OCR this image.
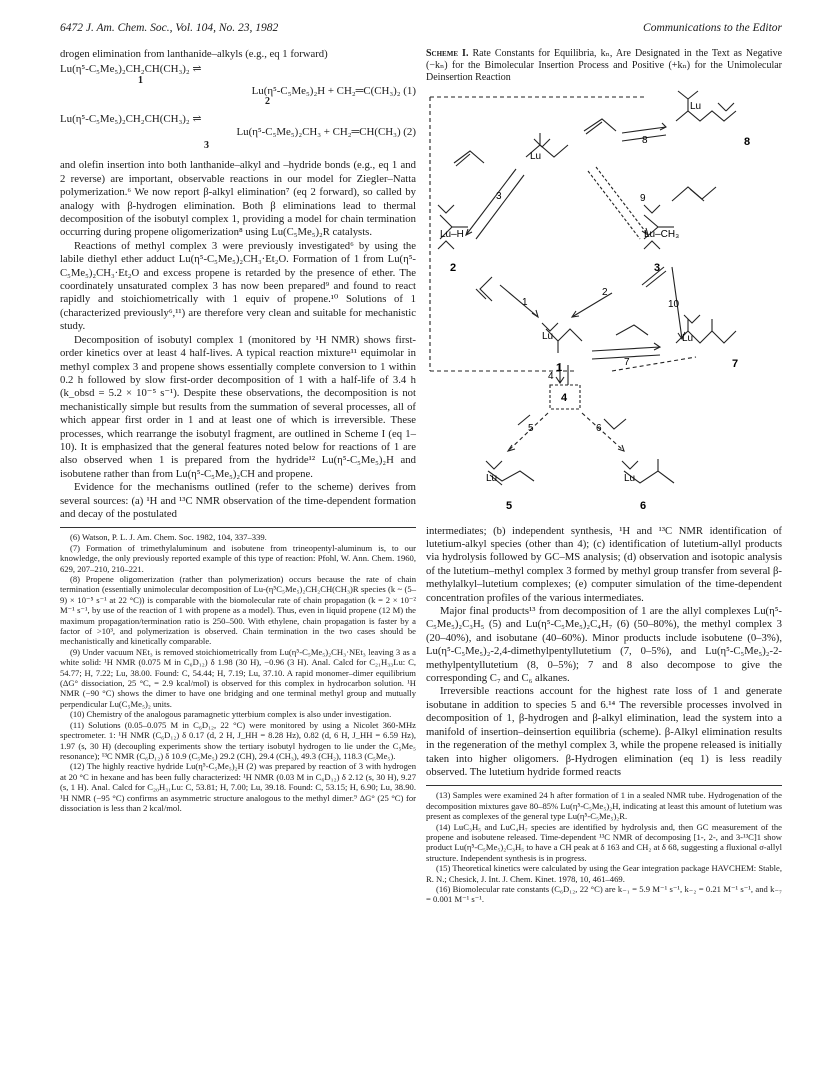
6472 J. Am. Chem. Soc., Vol. 104, No. 23, 1982	Communications to the Editor

drogen elimination from lanthanide–alkyls (e.g., eq 1 forward)

Lu(η⁵-C₅Me₅)₂CH₂CH(CH₃)₂ ⇌
1
Lu(η⁵-C₅Me₅)₂H + CH₂═C(CH₃)₂ (1)
2
Lu(η⁵-C₅Me₅)₂CH₂CH(CH₃)₂ ⇌
Lu(η⁵-C₅Me₅)₂CH₃ + CH₂═CH(CH₃) (2)
3

and olefin insertion into both lanthanide–alkyl and –hydride bonds (e.g., eq 1 and 2 reverse) are important, observable reactions in our model for Ziegler–Natta polymerization.⁶ We now report β-alkyl elimination⁷ (eq 2 forward), so called by analogy with β-hydrogen elimination. Both β eliminations lead to thermal decomposition of the isobutyl complex 1, providing a model for chain termination occurring during propene oligomerization⁸ using Lu(C₅Me₅)₂R catalysts.

Reactions of methyl complex 3 were previously investigated⁶ by using the labile diethyl ether adduct Lu(η⁵-C₅Me₅)₂CH₃·Et₂O. Formation of 1 from Lu(η⁵-C₅Me₅)₂CH₃·Et₂O and excess propene is retarded by the presence of ether. The coordinately unsaturated complex 3 has now been prepared⁹ and found to react rapidly and stoichiometrically with 1 equiv of propene.¹⁰ Solutions of 1 (characterized previously⁶,¹¹) are therefore very clean and suitable for mechanistic study.

Decomposition of isobutyl complex 1 (monitored by ¹H NMR) shows first-order kinetics over at least 4 half-lives. A typical reaction mixture¹¹ equimolar in methyl complex 3 and propene shows essentially complete conversion to 1 within 0.2 h followed by slow first-order decomposition of 1 with a half-life of 3.4 h (k_obsd = 5.2 × 10⁻⁵ s⁻¹). Despite these observations, the decomposition is not mechanistically simple but results from the summation of several processes, all of which appear first order in 1 and at least one of which is irreversible. These processes, which rearrange the isobutyl fragment, are outlined in Scheme I (eq 1–10). It is emphasized that the general features noted below for reactions of 1 are also observed when 1 is prepared from the hydride¹² Lu(η⁵-C₅Me₅)₂H and isobutene rather than from Lu(η⁵-C₅Me₅)₂CH and propene.

Evidence for the mechanisms outlined (refer to the scheme) derives from several sources: (a) ¹H and ¹³C NMR observation of the time-dependent formation and decay of the postulated

(6) Watson, P. L. J. Am. Chem. Soc. 1982, 104, 337–339.

(7) Formation of trimethylaluminum and isobutene from trineopentyl-aluminum is, to our knowledge, the only previously reported example of this type of reaction: Pfohl, W. Ann. Chem. 1960, 629, 207–210, 210–221.

(8) Propene oligomerization (rather than polymerization) occurs because the rate of chain termination (essentially unimolecular decomposition of Lu-(η⁵C₅Me₅)₂CH₂CH(CH₃)R species (k ~ (5–9) × 10⁻⁵ s⁻¹ at 22 °C)) is comparable with the biomolecular rate of chain propagation (k = 2 × 10⁻² M⁻¹ s⁻¹, by use of the reaction of 1 with propene as a model). Thus, even in liquid propene (12 M) the maximum propagation/termination ratio is 250–500. With ethylene, chain propagation is faster by a factor of >10³, and polymerization is observed. Chain termination in the two cases should be mechanistically and kinetically comparable.

(9) Under vacuum NEt₃ is removed stoichiometrically from Lu(η⁵-C₅Me₅)₂CH₃·NEt₃ leaving 3 as a white solid: ¹H NMR (0.075 M in C₆D₁₂) δ 1.98 (30 H), −0.96 (3 H). Anal. Calcd for C₂₁H₃₃Lu: C, 54.77; H, 7.22; Lu, 38.00. Found: C, 54.44; H, 7.19; Lu, 37.10. A rapid monomer–dimer equilibrium (ΔG° dissociation, 25 °C, = 2.9 kcal/mol) is observed for this complex in hydrocarbon solution. ¹H NMR (−90 °C) shows the dimer to have one bridging and one terminal methyl group and mutually perpendicular Lu(C₅Me₅)₂ units.

(10) Chemistry of the analogous paramagnetic ytterbium complex is also under investigation.

(11) Solutions (0.05–0.075 M in C₆D₁₂, 22 °C) were monitored by using a Nicolet 360-MHz spectrometer. 1: ¹H NMR (C₆D₁₂) δ 0.17 (d, 2 H, J_HH = 8.28 Hz), 0.82 (d, 6 H, J_HH = 6.59 Hz), 1.97 (s, 30 H) (decoupling experiments show the tertiary isobutyl hydrogen to lie under the C₅Me₅ resonance); ¹³C NMR (C₆D₁₂) δ 10.9 (C₅Me₅) 29.2 (CH), 29.4 (CH₃), 49.3 (CH₂), 118.3 (C₅Me₅).

(12) The highly reactive hydride Lu(η⁵-C₅Me₅)₂H (2) was prepared by reaction of 3 with hydrogen at 20 °C in hexane and has been fully characterized: ¹H NMR (0.03 M in C₆D₁₂) δ 2.12 (s, 30 H), 9.27 (s, 1 H). Anal. Calcd for C₂₀H₃₁Lu: C, 53.81; H, 7.00; Lu, 39.18. Found: C, 53.15; H, 6.90; Lu, 38.90. ¹H NMR (−95 °C) confirms an asymmetric structure analogous to the methyl dimer.⁹ ΔG° (25 °C) for dissociation is less than 2 kcal/mol.

Scheme I. Rate Constants for Equilibria, kₙ, Are Designated in the Text as Negative (−kₙ) for the Bimolecular Insertion Process and Positive (+kₙ) for the Unimolecular Deinsertion Reaction

Lu
Lu
Lu–H	Lu–CH₃
Lu	Lu
Lu	Lu
1
2	3
4
5	6
7
8
1
2
3
4
5	6
7
8
9
10

intermediates; (b) independent synthesis, ¹H and ¹³C NMR identification of lutetium-alkyl species (other than 4); (c) identification of lutetium-allyl products via hydrolysis followed by GC–MS analysis; (d) observation and isotopic analysis of the lutetium–methyl complex 3 formed by methyl group transfer from several β-methylalkyl–lutetium complexes; (e) computer simulation of the time-dependent concentration profiles of the various intermediates.

Major final products¹³ from decomposition of 1 are the allyl complexes Lu(η⁵-C₅Me₅)₂C₃H₅ (5) and Lu(η⁵-C₅Me₅)₂C₄H₇ (6) (50–80%), the methyl complex 3 (20–40%), and isobutane (40–60%). Minor products include isobutene (0–3%), Lu(η⁵-C₅Me₅)₂-2,4-dimethylpentyllutetium (7, 0–5%), and Lu(η⁵-C₅Me₅)₂-2-methylpentyllutetium (8, 0–5%); 7 and 8 also decompose to give the corresponding C₇ and C₆ alkanes.

Irreversible reactions account for the highest rate loss of 1 and generate isobutane in addition to species 5 and 6.¹⁴ The reversible processes involved in decomposition of 1, β-hydrogen and β-alkyl elimination, lead the system into a manifold of insertion–deinsertion equilibria (scheme). β-Alkyl elimination results in the regeneration of the methyl complex 3, while the propene released is initially taken into higher oligomers. β-Hydrogen elimination (eq 1) is less readily observed. The lutetium hydride formed reacts

(13) Samples were examined 24 h after formation of 1 in a sealed NMR tube. Hydrogenation of the decomposition mixtures gave 80–85% Lu(η⁵-C₅Me₅)₂H, indicating at least this amount of lutetium was present as complexes of the general type Lu(η⁵-C₅Me₅)₂R.

(14) LuC₃H₅ and LuC₄H₇ species are identified by hydrolysis and, then GC measurement of the propene and isobutene released. Time-dependent ¹³C NMR of decomposing [1-, 2-, and 3-¹³C]1 show product Lu(η⁵-C₅Me₅)₂C₃H₅ to have a CH peak at δ 163 and CH₂ at δ 68, suggesting a fluxional σ-allyl structure. Independent synthesis is in progress.

(15) Theoretical kinetics were calculated by using the Gear integration package HAVCHEM: Stable, R. N.; Chesick, J. Int. J. Chem. Kinet. 1978, 10, 461–469.

(16) Biomolecular rate constants (C₆D₁₂, 22 °C) are k₋₁ = 5.9 M⁻¹ s⁻¹, k₋₂ = 0.21 M⁻¹ s⁻¹, and k₋₇ = 0.001 M⁻¹ s⁻¹.
